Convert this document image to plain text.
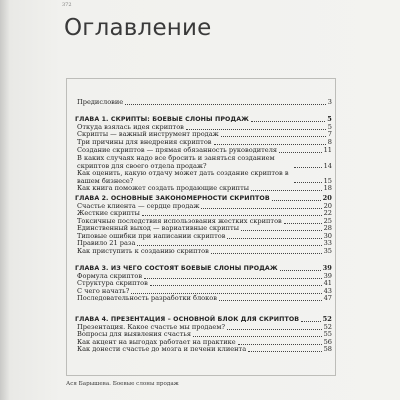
372
Оглавление
Предисловие	3
ГЛАВА 1. СКРИПТЫ: БОЕВЫЕ СЛОНЫ ПРОДАЖ	5
Откуда взялась идея скриптов	5
Скрипты — важный инструмент продаж	7
Три причины для внедрения скриптов	8
Создание скриптов — прямая обязанность руководителя	11
В каких случаях надо все бросить и заняться созданием скриптов для своего отдела продаж?	14
Как оценить, какую отдачу может дать создание скриптов в вашем бизнесе?	15
Как книга поможет создать продающие скрипты	18
ГЛАВА 2. ОСНОВНЫЕ ЗАКОНОМЕРНОСТИ СКРИПТОВ	20
Счастье клиента — сердце продаж	20
Жесткие скрипты	22
Токсичные последствия использования жестких скриптов	25
Единственный выход — вариативные скрипты	28
Типовые ошибки при написании скриптов	30
Правило 21 раза	33
Как приступить к созданию скриптов	35
ГЛАВА 3. ИЗ ЧЕГО СОСТОЯТ БОЕВЫЕ СЛОНЫ ПРОДАЖ	39
Формула скриптов	39
Структура скриптов	41
С чего начать?	43
Последовательность разработки блоков	47
ГЛАВА 4. ПРЕЗЕНТАЦИЯ – ОСНОВНОЙ БЛОК ДЛЯ СКРИПТОВ	52
Презентация. Какое счастье мы продаем?	52
Вопросы для выявления счастья	55
Как акцент на выгодах работает на практике	56
Как донести счастье до мозга и печени клиента	58
Ася Барышева. Боевые слоны продаж
